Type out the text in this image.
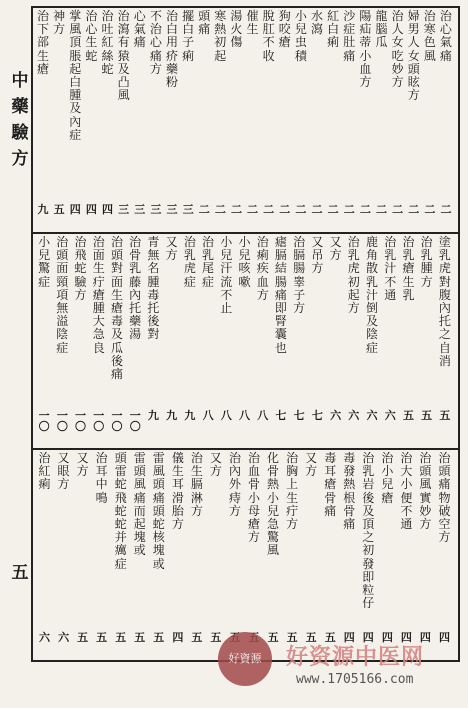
中
藥
驗
方
五
治
心
氣
痛
二
治
寒
色
風
二
婦
男
人
女
頭
眩
方
二
治
人
女
吃
妙
方
二
龍
腦
瓜
二
陽
疝
蒂
小
血
方
二
沙
症
肚
痛
二
紅
白
痢
二
水
瀉
二
小
兒
虫
積
二
狗
咬
瘡
二
脫
肛
不
收
二
催
生
二
湯
火
傷
二
寒
熱
初
起
二
頭
痛
二
擺
白
子
痢
三
治
白
用
疥
藥
粉
三
不
治
心
痛
方
三
心
氣
痛
三
治
瀉
有
猿
及
凸
風
三
治
吐
紅
絲
蛇
四
治
心
生
蛇
四
掌
風
頂
脹
起
白
腫
及
內
症
四
神
方
五
治
下
部
生
瘡
九
塗
乳
虎
對
腹
內
托
之
自
消
五
治
乳
腫
方
五
治
乳
瘡
生
乳
五
治
乳
汁
不
通
六
鹿
角
散
乳
汁
倒
及
陰
症
六
治
乳
虎
初
起
方
六
又
方
六
又
吊
方
七
治
膈
腸
睾
子
方
七
瘧
膈
結
腸
痛
即
腎
囊
也
七
治
痢
疾
血
方
八
小
兒
咳
嗽
八
小
兒
汗
流
不
止
八
治
乳
尾
症
八
治
乳
虎
症
九
又
方
九
青
無
名
腫
毒
托
後
對
九
治
骨
乳
藤
內
托
藥
湯
一
〇
治
頭
對
面
生
瘡
毒
及
瓜
後
痛
一
〇
治
面
生
疔
瘡
腫
大
急
良
一
〇
治
飛
蛇
驗
方
一
〇
治
頭
面
頸
項
無
溢
陰
症
一
〇
小
兒
驚
症
一
〇
治
頭
痛
物
破
空
方
四
治
頭
風
實
妙
方
四
治
大
小
便
不
通
四
治
小
兒
瘡
四
治
乳
岩
後
及
頂
之
初
發
即
粒
仔
四
毒
發
熱
根
骨
痛
四
毒
耳
瘡
骨
痛
五
又
方
五
治
胸
上
生
疔
方
五
化
骨
熱
小
兒
急
驚
風
五
治
血
骨
小
母
瘡
方
治
內
外
痔
方
又
方
五
治
生
膈
淋
方
五
儀
生
耳
滑
胎
方
四
雷
風
頭
痛
頭
蛇
核
塊
或
五
雷
頭
風
痛
而
起
塊
或
五
頭
雷
蛇
飛
蛇
蛇
并
癘
症
五
治
耳
中
鳴
五
又
方
五
又
眼
方
六
治
紅
痢
六
好資源 好资源中医网
www.1705166.com
